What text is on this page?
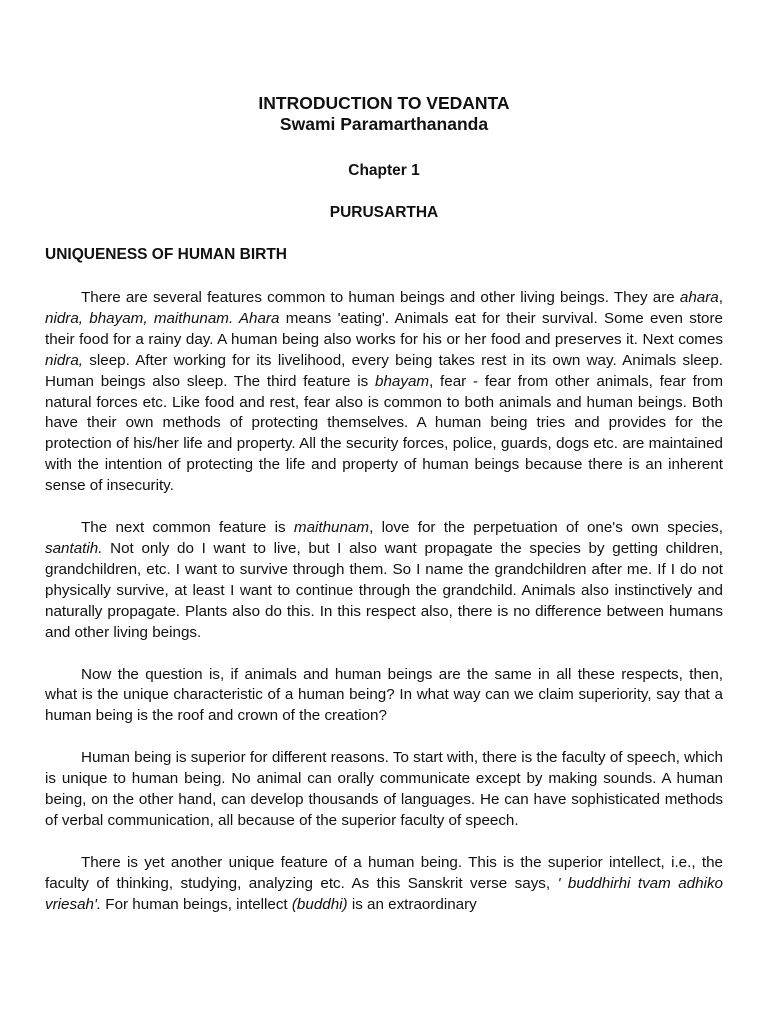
INTRODUCTION TO VEDANTA
Swami Paramarthananda
Chapter 1
PURUSARTHA
UNIQUENESS OF HUMAN BIRTH

There are several features common to human beings and other living beings. They are ahara, nidra, bhayam, maithunam. Ahara means 'eating'. Animals eat for their survival. Some even store their food for a rainy day. A human being also works for his or her food and preserves it. Next comes nidra, sleep. After working for its livelihood, every being takes rest in its own way. Animals sleep. Human beings also sleep. The third feature is bhayam, fear - fear from other animals, fear from natural forces etc. Like food and rest, fear also is common to both animals and human beings. Both have their own methods of protecting themselves. A human being tries and provides for the protection of his/her life and property. All the security forces, police, guards, dogs etc. are maintained with the intention of protecting the life and property of human beings because there is an inherent sense of insecurity.

The next common feature is maithunam, love for the perpetuation of one's own species, santatih. Not only do I want to live, but I also want propagate the species by getting children, grandchildren, etc. I want to survive through them. So I name the grandchildren after me. If I do not physically survive, at least I want to continue through the grandchild. Animals also instinctively and naturally propagate. Plants also do this. In this respect also, there is no difference between humans and other living beings.

Now the question is, if animals and human beings are the same in all these respects, then, what is the unique characteristic of a human being? In what way can we claim superiority, say that a human being is the roof and crown of the creation?

Human being is superior for different reasons. To start with, there is the faculty of speech, which is unique to human being. No animal can orally communicate except by making sounds. A human being, on the other hand, can develop thousands of languages. He can have sophisticated methods of verbal communication, all because of the superior faculty of speech.

There is yet another unique feature of a human being. This is the superior intellect, i.e., the faculty of thinking, studying, analyzing etc. As this Sanskrit verse says, ' buddhirhi tvam adhiko vriesah'. For human beings, intellect (buddhi) is an extraordinary
